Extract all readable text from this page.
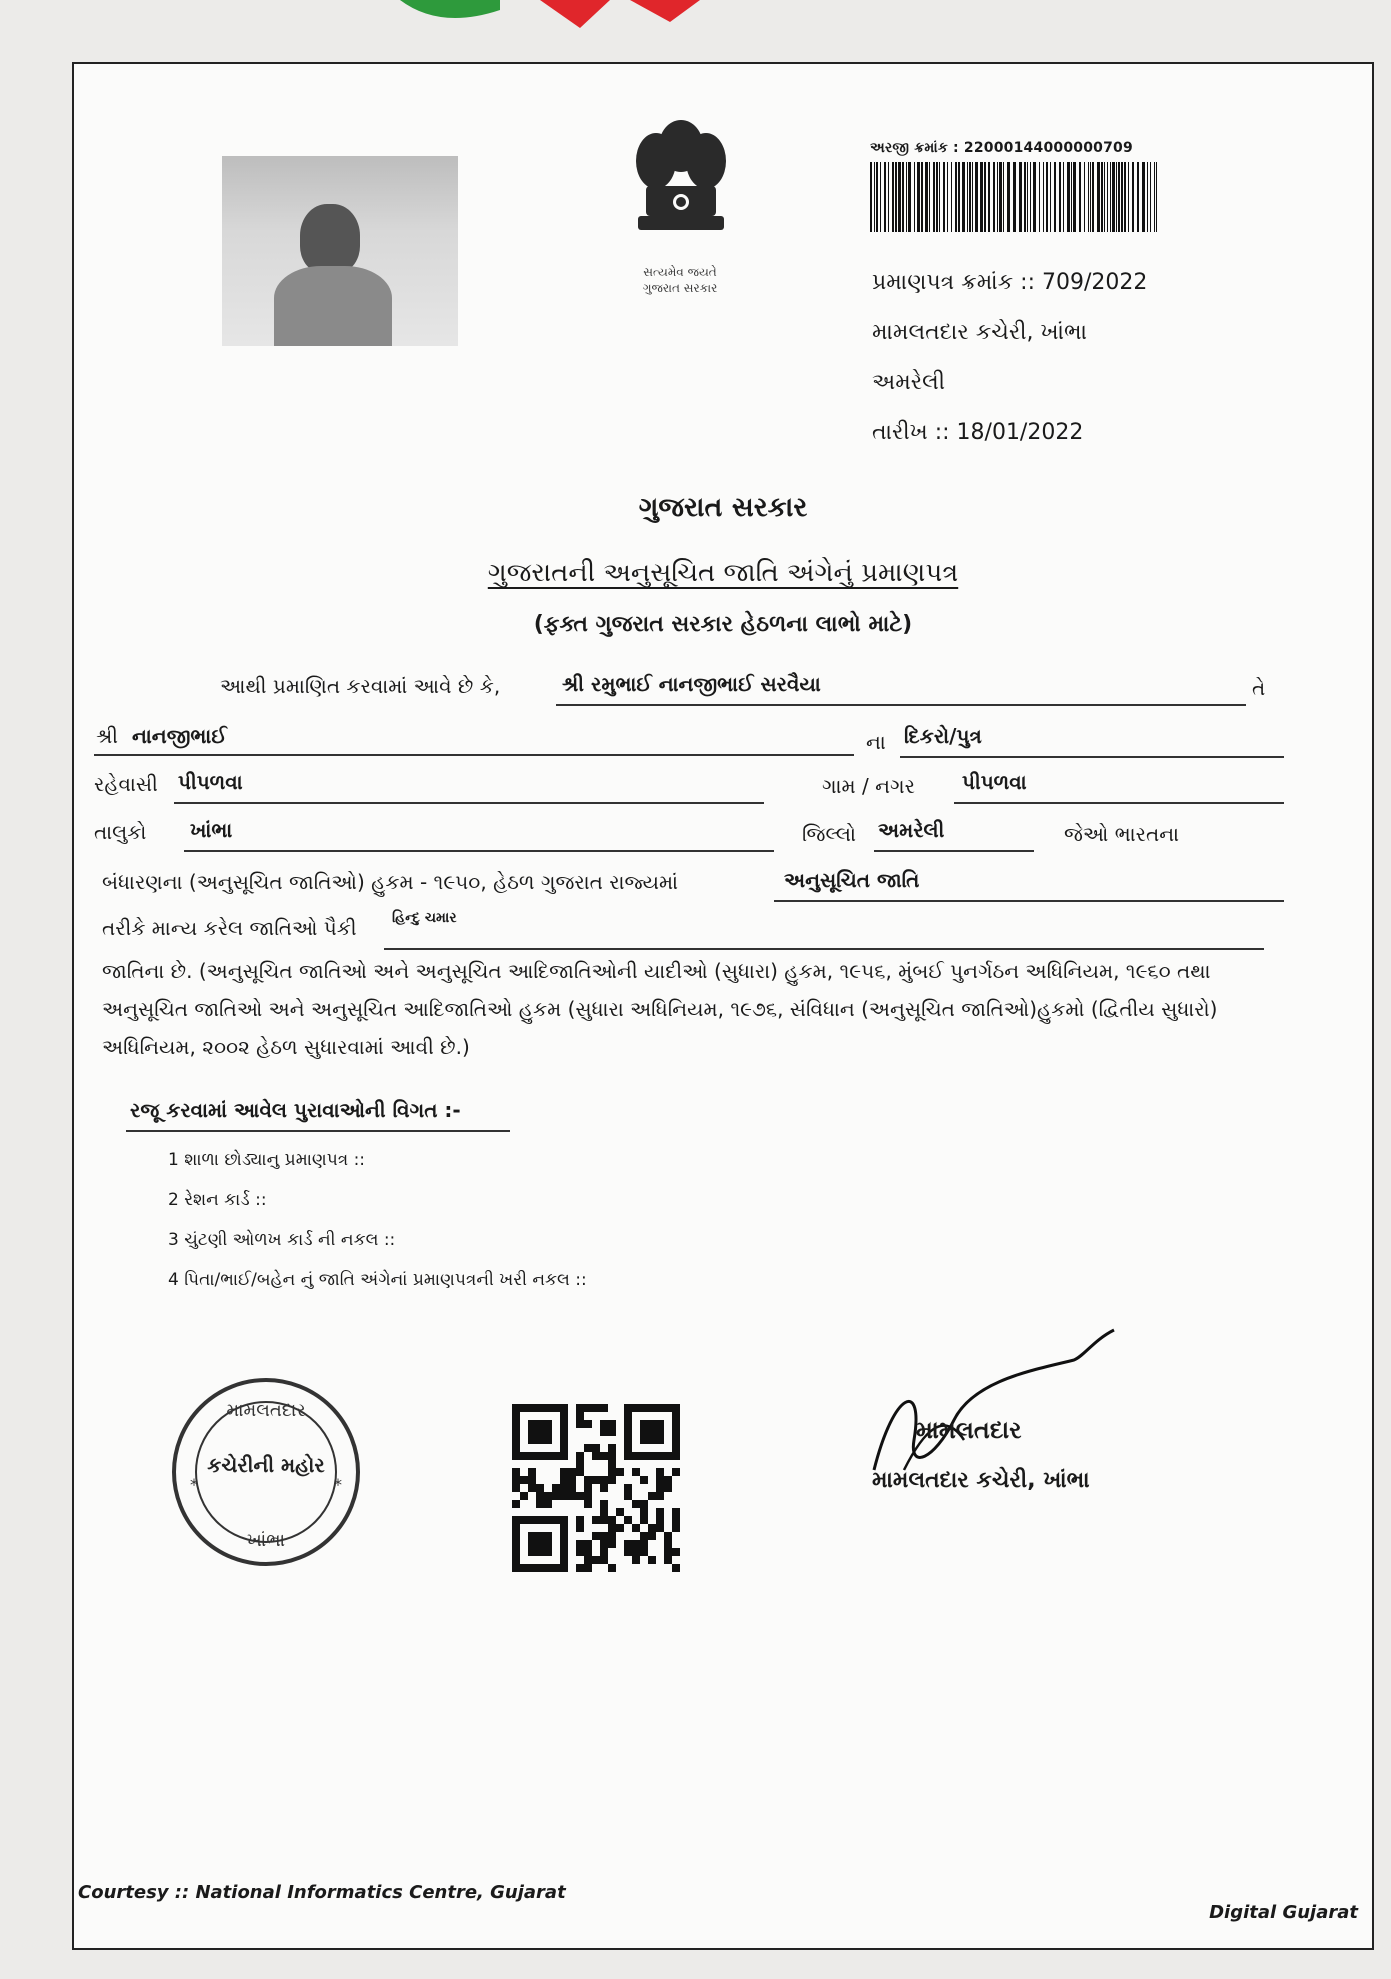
સત્યમેવ જયતે
ગુજરાત સરકાર
અરજી ક્રમાંક : 22000144000000709
પ્રમાણપત્ર ક્રમાંક :: 709/2022
મામલતદાર કચેરી, ખાંભા
અમરેલી
તારીખ :: 18/01/2022
ગુજરાત સરકાર
ગુજરાતની અનુસૂચિત જાતિ અંગેનું પ્રમાણપત્ર
(ફક્ત ગુજરાત સરકાર હેઠળના લાભો માટે)
આથી પ્રમાણિત કરવામાં આવે છે કે,	શ્રી રમુભાઈ નાનજીભાઈ સરવૈયા	તે
શ્રી નાનજીભાઈ	ના દિકરો/પુત્ર
રહેવાસી પીપળવા	ગામ / નગર પીપળવા
તાલુકો ખાંભા	જિલ્લો અમરેલી	જેઓ ભારતના
બંધારણના (અનુસૂચિત જાતિઓ) હુકમ - ૧૯૫૦, હેઠળ ગુજરાત રાજ્યમાં	અનુસૂચિત જાતિ
તરીકે માન્ય કરેલ જાતિઓ પૈકી	હિન્દુ ચમાર
જાતિના છે. (અનુસૂચિત જાતિઓ અને અનુસૂચિત આદિજાતિઓની યાદીઓ (સુધારા) હુકમ, ૧૯૫૬, મુંબઈ પુનર્ગઠન અધિનિયમ, ૧૯૬૦ તથા
અનુસૂચિત જાતિઓ અને અનુસૂચિત આદિજાતિઓ હુકમ (સુધારા અધિનિયમ, ૧૯૭૬, સંવિધાન (અનુસૂચિત જાતિઓ)હુકમો (દ્વિતીય સુધારો)
અધિનિયમ, ૨૦૦૨ હેઠળ સુધારવામાં આવી છે.)
રજૂ કરવામાં આવેલ પુરાવાઓની વિગત :-
1 શાળા છોડ્યાનુ પ્રમાણપત્ર ::
2 રેશન કાર્ડ ::
3 ચુંટણી ઓળખ કાર્ડ ની નકલ ::
4 પિતા/ભાઈ/બહેન નું જાતિ અંગેનાં પ્રમાણપત્રની ખરી નકલ ::
મામલતદાર
કચેરીની મહોર
ખાંભા
*	*
મામલતદાર
મામલતદાર કચેરી, ખાંભા
Courtesy :: National Informatics Centre, Gujarat
Digital Gujarat
